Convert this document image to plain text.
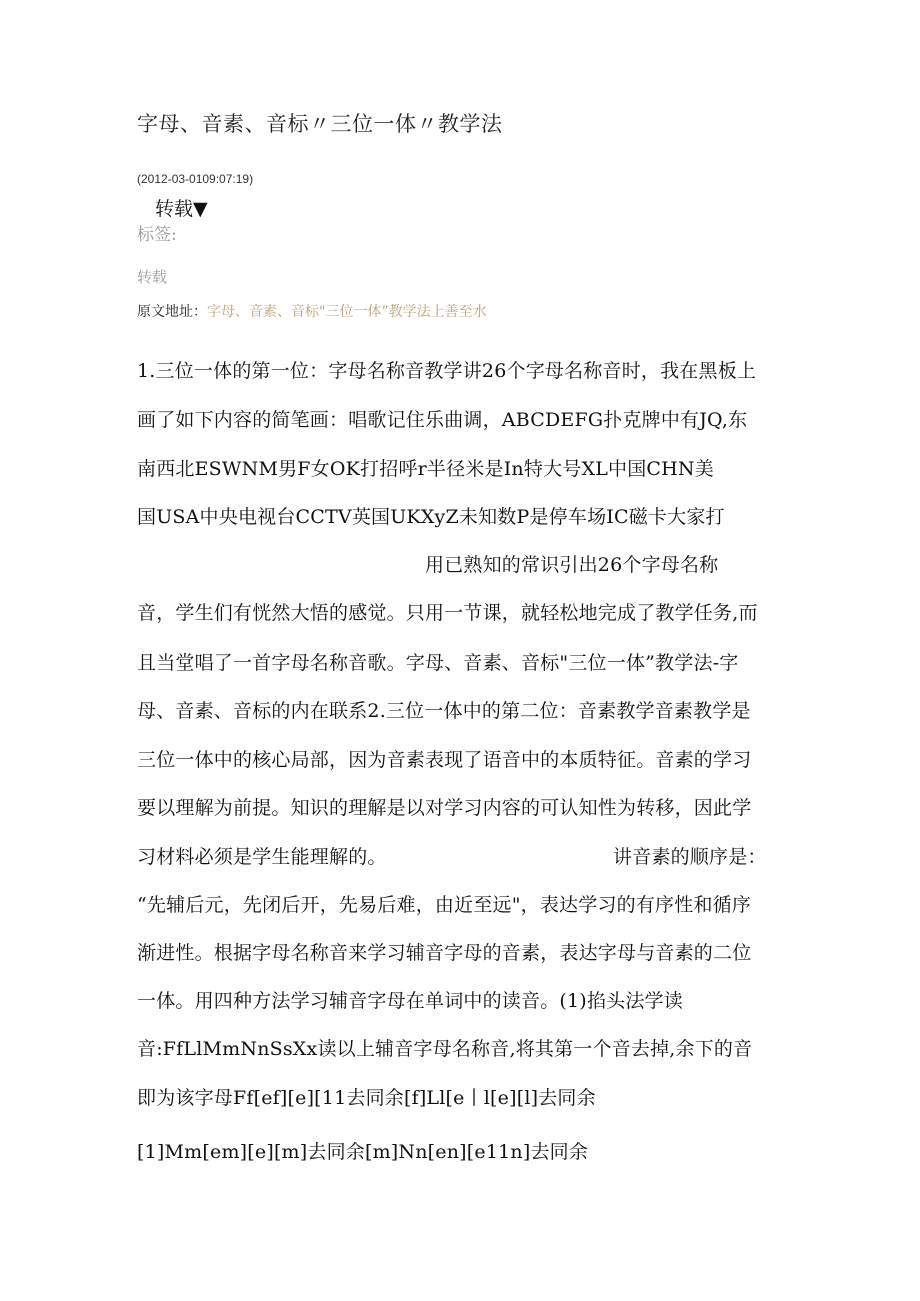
字母、音素、音标〃三位一体〃教学法
(2012-03-0109:07:19)
转载▼
标签:
转载
原文地址：字母、音素、音标"三位一体”教学法上善至水
1.三位一体的第一位：字母名称音教学讲26个字母名称音时，我在黑板上
画了如下内容的简笔画：唱歌记住乐曲调，ABCDEFG扑克牌中有JQ,东
南西北ESWNM男F女OK打招呼r半径米是In特大号XL中国CHN美
国USA中央电视台CCTV英国UKXyZ未知数P是停车场IC磁卡大家打
用已熟知的常识引出26个字母名称
音，学生们有恍然大悟的感觉。只用一节课，就轻松地完成了教学任务,而
且当堂唱了一首字母名称音歌。字母、音素、音标"三位一体”教学法-字
母、音素、音标的内在联系2.三位一体中的第二位：音素教学音素教学是
三位一体中的核心局部，因为音素表现了语音中的本质特征。音素的学习
要以理解为前提。知识的理解是以对学习内容的可认知性为转移，因此学
习材料必须是学生能理解的。	讲音素的顺序是：
“先辅后元，先闭后开，先易后难，由近至远"，表达学习的有序性和循序
渐进性。根据字母名称音来学习辅音字母的音素，表达字母与音素的二位
一体。用四种方法学习辅音字母在单词中的读音。(1)掐头法学读
音:FfLlMmNnSsXx读以上辅音字母名称音,将其第一个音去掉,余下的音
即为该字母Ff[ef][e][11去同余[f]Ll[e丨l[e][l]去同余
[1]Mm[em][e][m]去同余[m]Nn[en][e11n]去同余
